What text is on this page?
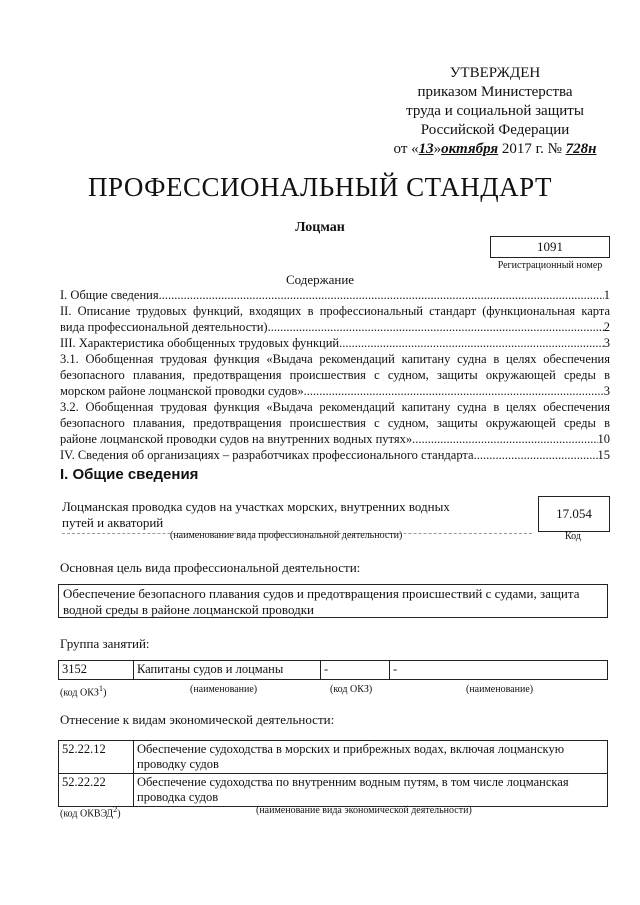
УТВЕРЖДЕН
приказом Министерства
труда и социальной защиты
Российской Федерации
от «13»октября 2017 г. № 728н
ПРОФЕССИОНАЛЬНЫЙ СТАНДАРТ
Лоцман
1091
Регистрационный номер
Содержание
I. Общие сведения .....	1
II. Описание трудовых функций, входящих в профессиональный стандарт (функциональная карта
вида профессиональной деятельности) .....	2
III. Характеристика обобщенных трудовых функций .....	3
3.1. Обобщенная трудовая функция «Выдача рекомендаций капитану судна в целях обеспечения
безопасного плавания, предотвращения происшествия с судном, защиты окружающей среды в
морском районе лоцманской проводки судов» .....	3
3.2. Обобщенная трудовая функция «Выдача рекомендаций капитану судна в целях обеспечения
безопасного плавания, предотвращения происшествия с судном, защиты окружающей среды в
районе лоцманской проводки судов на внутренних водных путях» .....	10
IV. Сведения об организациях – разработчиках профессионального стандарта .....	15
I. Общие сведения
Лоцманская проводка судов на участках морских, внутренних водных
путей и акваторий
(наименование вида профессиональной деятельности)
17.054
Код
Основная цель вида профессиональной деятельности:
Обеспечение безопасного плавания судов и предотвращения происшествий с судами, защита
водной среды в районе лоцманской проводки
Группа занятий:
3152	Капитаны судов и лоцманы	-	-
(код ОКЗ$^1$)	(наименование)	(код ОКЗ)	(наименование)
Отнесение к видам экономической деятельности:
52.22.12	Обеспечение судоходства в морских и прибрежных водах, включая лоцманскую проводку судов
52.22.22	Обеспечение судоходства по внутренним водным путям, в том числе лоцманская проводка судов
(код ОКВЭД$^2$)	(наименование вида экономической деятельности)
